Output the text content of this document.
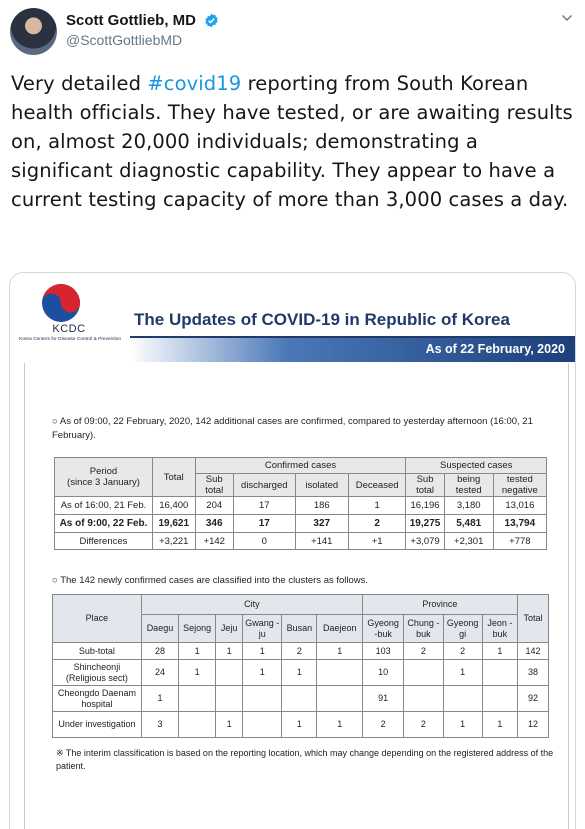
Scott Gottlieb, MD
@ScottGottliebMD
Very detailed #covid19 reporting from South Korean health officials. They have tested, or are awaiting results on, almost 20,000 individuals; demonstrating a significant diagnostic capability. They appear to have a current testing capacity of more than 3,000 cases a day.
KCDC
Korea Centers for Disease Control & Prevention
The Updates of COVID-19 in Republic of Korea
As of 22 February, 2020
○ As of 09:00, 22 February, 2020, 142 additional cases are confirmed, compared to yesterday afternoon (16:00, 21 February).
Period
(since 3 January)	Total	Confirmed cases				Suspected cases		
		Sub total	discharged	isolated	Deceased	Sub total	being tested	tested negative
As of 16:00, 21 Feb.	16,400	204	17	186	1	16,196	3,180	13,016
As of 9:00, 22 Feb.	19,621	346	17	327	2	19,275	5,481	13,794
Differences	+3,221	+142	0	+141	+1	+3,079	+2,301	+778
○ The 142 newly confirmed cases are classified into the clusters as follows.
Place	City						Province				Total
	Daegu	Sejong	Jeju	Gwang -ju	Busan	Daejeon	Gyeong -buk	Chung -buk	Gyeong gi	Jeon -buk	
Sub-total	28	1	1	1	2	1	103	2	2	1	142
Shincheonji (Religious sect)	24	1		1	1		10		1		38
Cheongdo Daenam hospital	1						91				92
Under investigation	3		1		1	1	2	2	1	1	12
※ The interim classification is based on the reporting location, which may change depending on the registered address of the patient.
